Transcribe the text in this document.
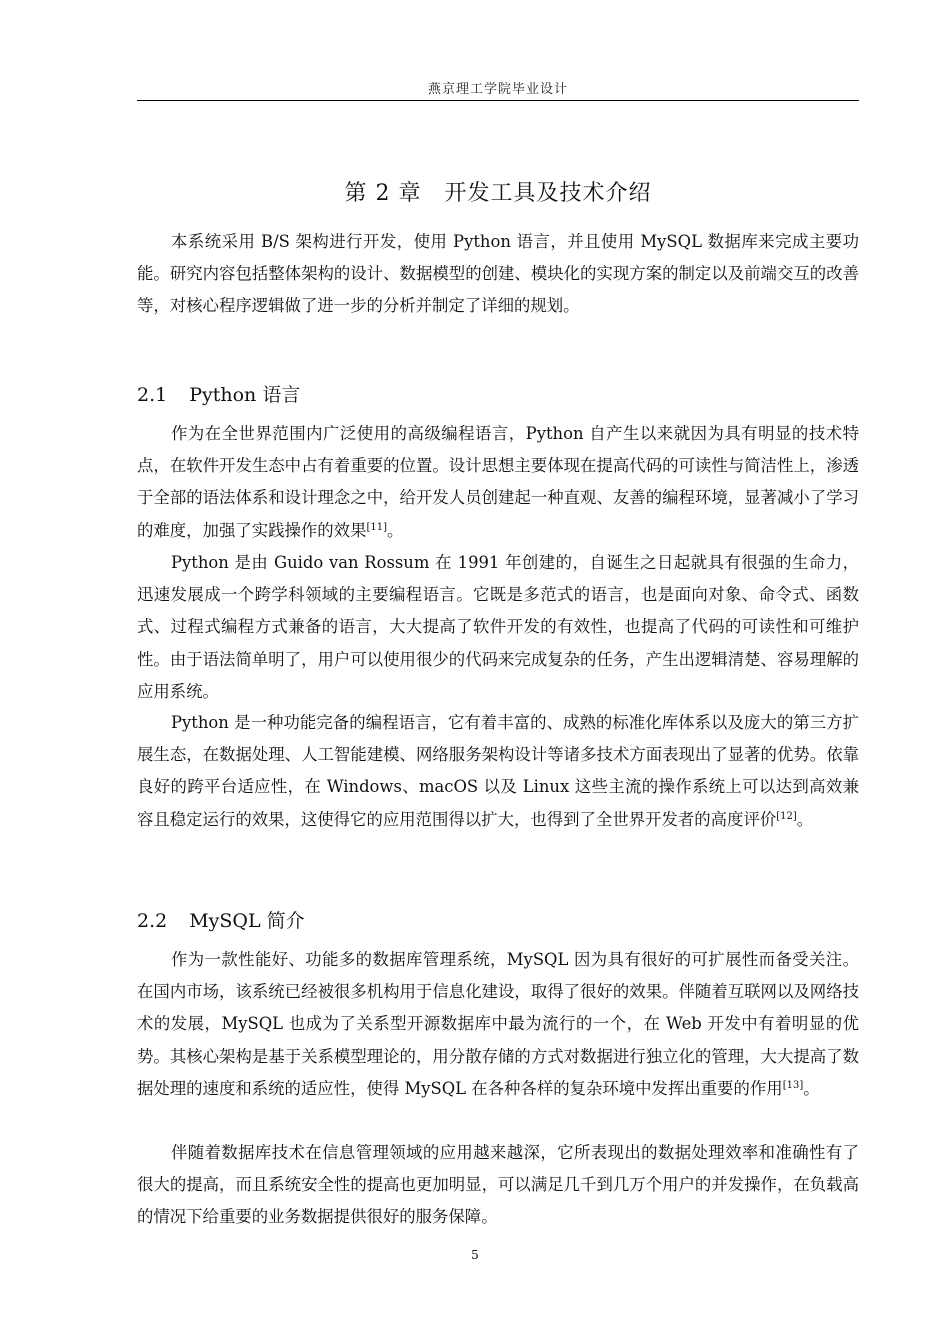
燕京理工学院毕业设计
第 2 章　开发工具及技术介绍

本系统采用 B/S 架构进行开发，使用 Python 语言，并且使用 MySQL 数据库来完成主要功能。研究内容包括整体架构的设计、数据模型的创建、模块化的实现方案的制定以及前端交互的改善等，对核心程序逻辑做了进一步的分析并制定了详细的规划。

2.1 Python 语言

作为在全世界范围内广泛使用的高级编程语言，Python 自产生以来就因为具有明显的技术特点，在软件开发生态中占有着重要的位置。设计思想主要体现在提高代码的可读性与简洁性上，渗透于全部的语法体系和设计理念之中，给开发人员创建起一种直观、友善的编程环境，显著减小了学习的难度，加强了实践操作的效果[11]。

Python 是由 Guido van Rossum 在 1991 年创建的，自诞生之日起就具有很强的生命力，迅速发展成一个跨学科领域的主要编程语言。它既是多范式的语言，也是面向对象、命令式、函数式、过程式编程方式兼备的语言，大大提高了软件开发的有效性，也提高了代码的可读性和可维护性。由于语法简单明了，用户可以使用很少的代码来完成复杂的任务，产生出逻辑清楚、容易理解的应用系统。

Python 是一种功能完备的编程语言，它有着丰富的、成熟的标准化库体系以及庞大的第三方扩展生态，在数据处理、人工智能建模、网络服务架构设计等诸多技术方面表现出了显著的优势。依靠良好的跨平台适应性，在 Windows、macOS 以及 Linux 这些主流的操作系统上可以达到高效兼容且稳定运行的效果，这使得它的应用范围得以扩大，也得到了全世界开发者的高度评价[12]。

2.2 MySQL 简介

作为一款性能好、功能多的数据库管理系统，MySQL 因为具有很好的可扩展性而备受关注。在国内市场，该系统已经被很多机构用于信息化建设，取得了很好的效果。伴随着互联网以及网络技术的发展，MySQL 也成为了关系型开源数据库中最为流行的一个，在 Web 开发中有着明显的优势。其核心架构是基于关系模型理论的，用分散存储的方式对数据进行独立化的管理，大大提高了数据处理的速度和系统的适应性，使得 MySQL 在各种各样的复杂环境中发挥出重要的作用[13]。

伴随着数据库技术在信息管理领域的应用越来越深，它所表现出的数据处理效率和准确性有了很大的提高，而且系统安全性的提高也更加明显，可以满足几千到几万个用户的并发操作，在负载高的情况下给重要的业务数据提供很好的服务保障。

5
